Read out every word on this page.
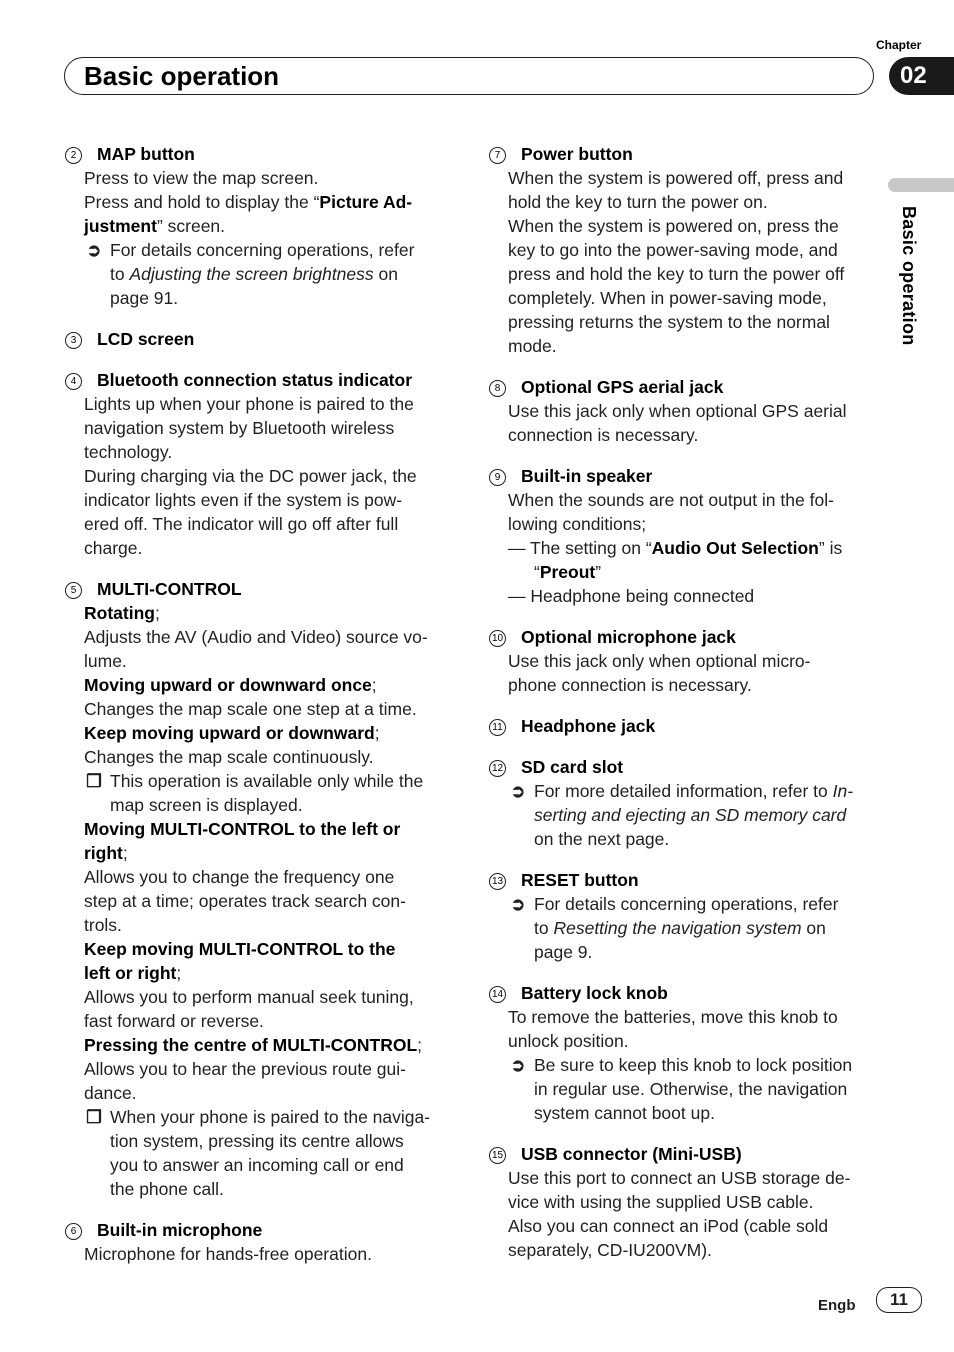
Basic operation
Chapter
02
Basic operation
2	MAP button
Press to view the map screen.
Press and hold to display the “Picture Ad-
justment” screen.
➲ For details concerning operations, refer
to Adjusting the screen brightness on
page 91.
3	LCD screen
4	Bluetooth connection status indicator
Lights up when your phone is paired to the
navigation system by Bluetooth wireless
technology.
During charging via the DC power jack, the
indicator lights even if the system is pow-
ered off. The indicator will go off after full
charge.
5	MULTI-CONTROL
Rotating;
Adjusts the AV (Audio and Video) source vo-
lume.
Moving upward or downward once;
Changes the map scale one step at a time.
Keep moving upward or downward;
Changes the map scale continuously.
❒ This operation is available only while the
map screen is displayed.
Moving MULTI-CONTROL to the left or
right;
Allows you to change the frequency one
step at a time; operates track search con-
trols.
Keep moving MULTI-CONTROL to the
left or right;
Allows you to perform manual seek tuning,
fast forward or reverse.
Pressing the centre of MULTI-CONTROL;
Allows you to hear the previous route gui-
dance.
❒ When your phone is paired to the naviga-
tion system, pressing its centre allows
you to answer an incoming call or end
the phone call.
6	Built-in microphone
Microphone for hands-free operation.
7	Power button
When the system is powered off, press and
hold the key to turn the power on.
When the system is powered on, press the
key to go into the power-saving mode, and
press and hold the key to turn the power off
completely. When in power-saving mode,
pressing returns the system to the normal
mode.
8	Optional GPS aerial jack
Use this jack only when optional GPS aerial
connection is necessary.
9	Built-in speaker
When the sounds are not output in the fol-
lowing conditions;
— The setting on “Audio Out Selection” is
“Preout”
— Headphone being connected
10 Optional microphone jack
Use this jack only when optional micro-
phone connection is necessary.
11 Headphone jack
12 SD card slot
➲ For more detailed information, refer to In-
serting and ejecting an SD memory card
on the next page.
13 RESET button
➲ For details concerning operations, refer
to Resetting the navigation system on
page 9.
14 Battery lock knob
To remove the batteries, move this knob to
unlock position.
➲ Be sure to keep this knob to lock position
in regular use. Otherwise, the navigation
system cannot boot up.
15 USB connector (Mini-USB)
Use this port to connect an USB storage de-
vice with using the supplied USB cable.
Also you can connect an iPod (cable sold
separately, CD-IU200VM).
Engb	11
